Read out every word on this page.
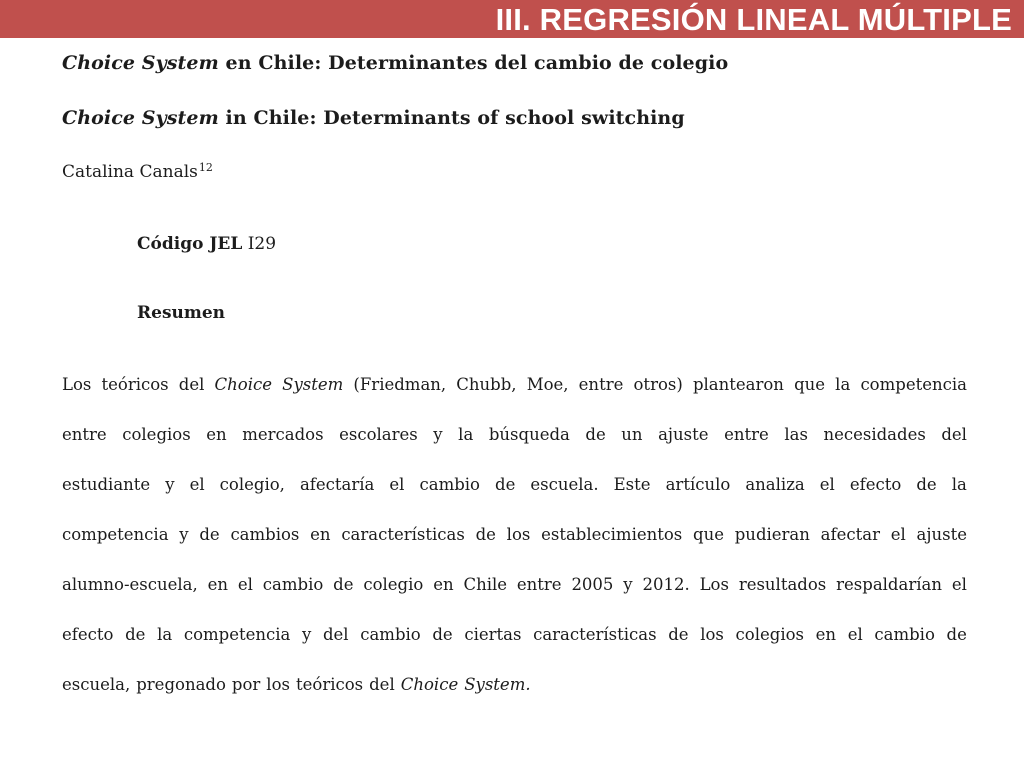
III. REGRESIÓN LINEAL MÚLTIPLE
Choice System en Chile: Determinantes del cambio de colegio
Choice System in Chile: Determinants of school switching
Catalina Canals$^{12}$
Código JEL I29
Resumen
Los teóricos del Choice System (Friedman, Chubb, Moe, entre otros) plantearon que la competencia
entre colegios en mercados escolares y la búsqueda de un ajuste entre las necesidades del
estudiante y el colegio, afectaría el cambio de escuela. Este artículo analiza el efecto de la
competencia y de cambios en características de los establecimientos que pudieran afectar el ajuste
alumno-escuela, en el cambio de colegio en Chile entre 2005 y 2012. Los resultados respaldarían el
efecto de la competencia y del cambio de ciertas características de los colegios en el cambio de
escuela, pregonado por los teóricos del Choice System.
